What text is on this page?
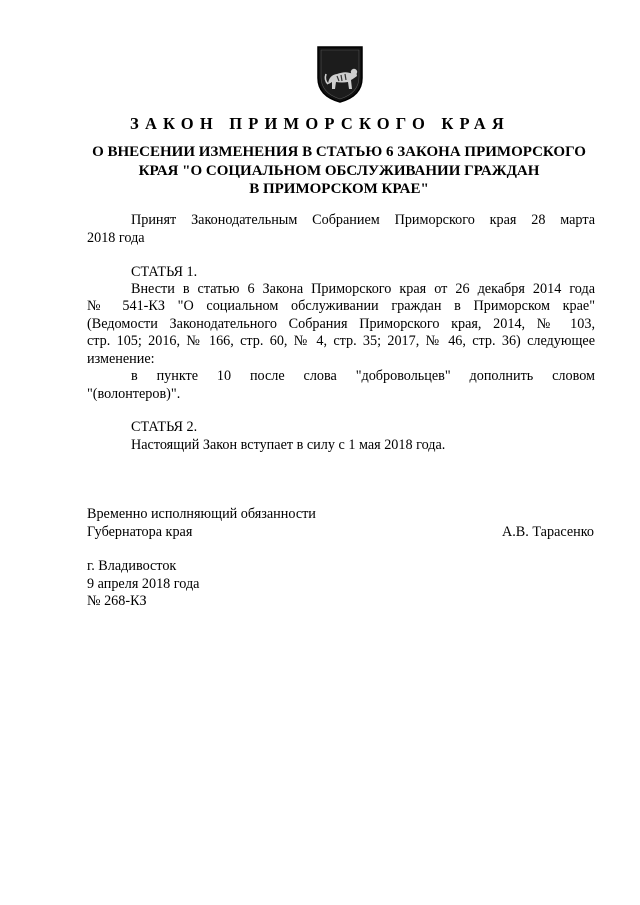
ЗАКОН ПРИМОРСКОГО КРАЯ
О ВНЕСЕНИИ ИЗМЕНЕНИЯ В СТАТЬЮ 6 ЗАКОНА ПРИМОРСКОГО
КРАЯ "О СОЦИАЛЬНОМ ОБСЛУЖИВАНИИ ГРАЖДАН
В ПРИМОРСКОМ КРАЕ"
Принят Законодательным Собранием Приморского края 28 марта
2018 года
СТАТЬЯ 1.
Внести в статью 6 Закона Приморского края от 26 декабря 2014 года
№ 541-КЗ "О социальном обслуживании граждан в Приморском крае"
(Ведомости Законодательного Собрания Приморского края, 2014, № 103,
стр. 105; 2016, № 166, стр. 60, № 4, стр. 35; 2017, № 46, стр. 36) следующее
изменение:
в пункте 10 после слова "добровольцев" дополнить словом
"(волонтеров)".
СТАТЬЯ 2.
Настоящий Закон вступает в силу с 1 мая 2018 года.
Временно исполняющий обязанности
Губернатора края	А.В. Тарасенко
г. Владивосток
9 апреля 2018 года
№ 268-КЗ
